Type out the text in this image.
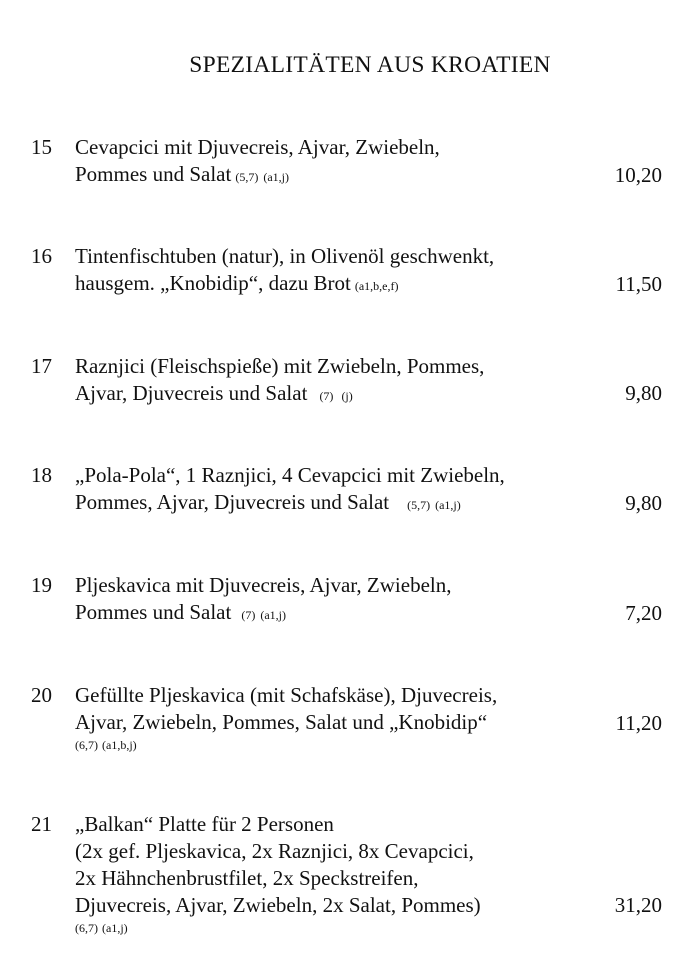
SPEZIALITÄTEN AUS KROATIEN
15 Cevapcici mit Djuvecreis, Ajvar, Zwiebeln,
Pommes und Salat (5,7) (a1,j)	10,20
16 Tintenfischtuben (natur), in Olivenöl geschwenkt,
hausgem. „Knobidip“, dazu Brot (a1,b,e,f)	11,50
17 Raznjici (Fleischspieße) mit Zwiebeln, Pommes,
Ajvar, Djuvecreis und Salat (7) (j)	9,80
18 „Pola-Pola“, 1 Raznjici, 4 Cevapcici mit Zwiebeln,
Pommes, Ajvar, Djuvecreis und Salat (5,7) (a1,j)	9,80
19 Pljeskavica mit Djuvecreis, Ajvar, Zwiebeln,
Pommes und Salat (7) (a1,j)	7,20
20 Gefüllte Pljeskavica (mit Schafskäse), Djuvecreis,
Ajvar, Zwiebeln, Pommes, Salat und „Knobidip“
(6,7) (a1,b,j)
11,20
21 „Balkan“ Platte für 2 Personen
(2x gef. Pljeskavica, 2x Raznjici, 8x Cevapcici,
2x Hähnchenbrustfilet, 2x Speckstreifen,
Djuvecreis, Ajvar, Zwiebeln, 2x Salat, Pommes)
(6,7) (a1,j)
31,20
